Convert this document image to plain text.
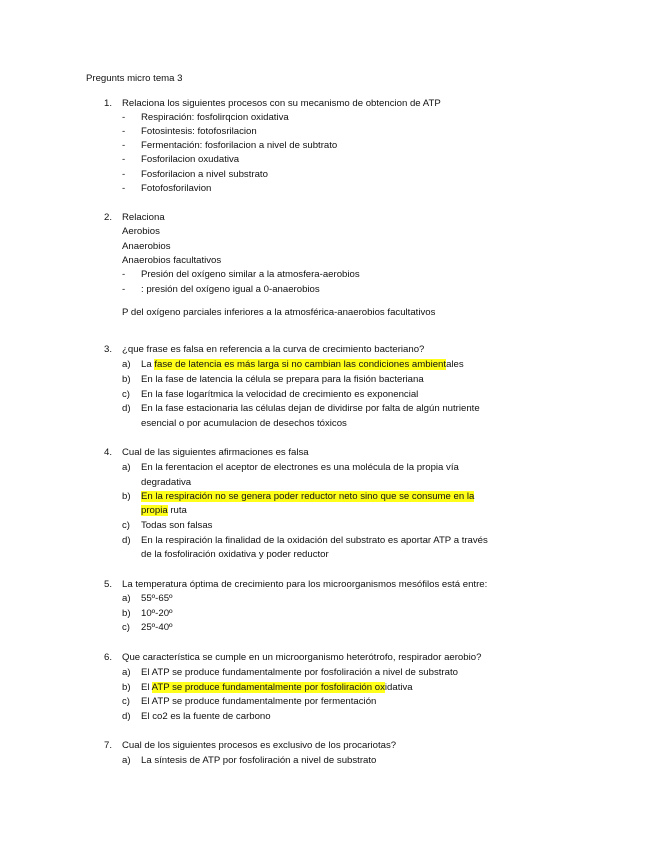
Pregunts micro tema 3
1. Relaciona los siguientes procesos con su mecanismo de obtencion de ATP
- Respiración: fosfolirqcion oxidativa
- Fotosintesis: fotofosrilacion
- Fermentación: fosforilacion a nivel de subtrato
- Fosforilacion oxudativa
- Fosforilacion a nivel substrato
- Fotofosforilavion
2. Relaciona
Aerobios
Anaerobios
Anaerobios facultativos
- Presión del oxígeno similar a la atmosfera-aerobios
- : presión del oxígeno igual a 0-anaerobios
P del oxígeno parciales inferiores a la atmosférica-anaerobios facultativos
3. ¿que frase es falsa en referencia a la curva de crecimiento bacteriano?
a) La fase de latencia es más larga si no cambian las condiciones ambientales
b) En la fase de latencia la célula se prepara para la fisión bacteriana
c) En la fase logarítmica la velocidad de crecimiento es exponencial
d) En la fase estacionaria las células dejan de dividirse por falta de algún nutriente
esencial o por acumulacion de desechos tóxicos
4. Cual de las siguientes afirmaciones es falsa
a) En la ferentacion el aceptor de electrones es una molécula de la propia vía
degradativa
b) En la respiración no se genera poder reductor neto sino que se consume en la
propia ruta
c) Todas son falsas
d) En la respiración la finalidad de la oxidación del substrato es aportar ATP a través
de la fosfoliración oxidativa y poder reductor
5. La temperatura óptima de crecimiento para los microorganismos mesófilos está entre:
a) 55º-65º
b) 10º-20º
c) 25º-40º
6. Que característica se cumple en un microorganismo heterótrofo, respirador aerobio?
a) El ATP se produce fundamentalmente por fosfoliración a nivel de substrato
b) El ATP se produce fundamentalmente por fosfoliración oxidativa
c) El ATP se produce fundamentalmente por fermentación
d) El co2 es la fuente de carbono
7. Cual de los siguientes procesos es exclusivo de los procariotas?
a) La síntesis de ATP por fosfoliración a nivel de substrato
